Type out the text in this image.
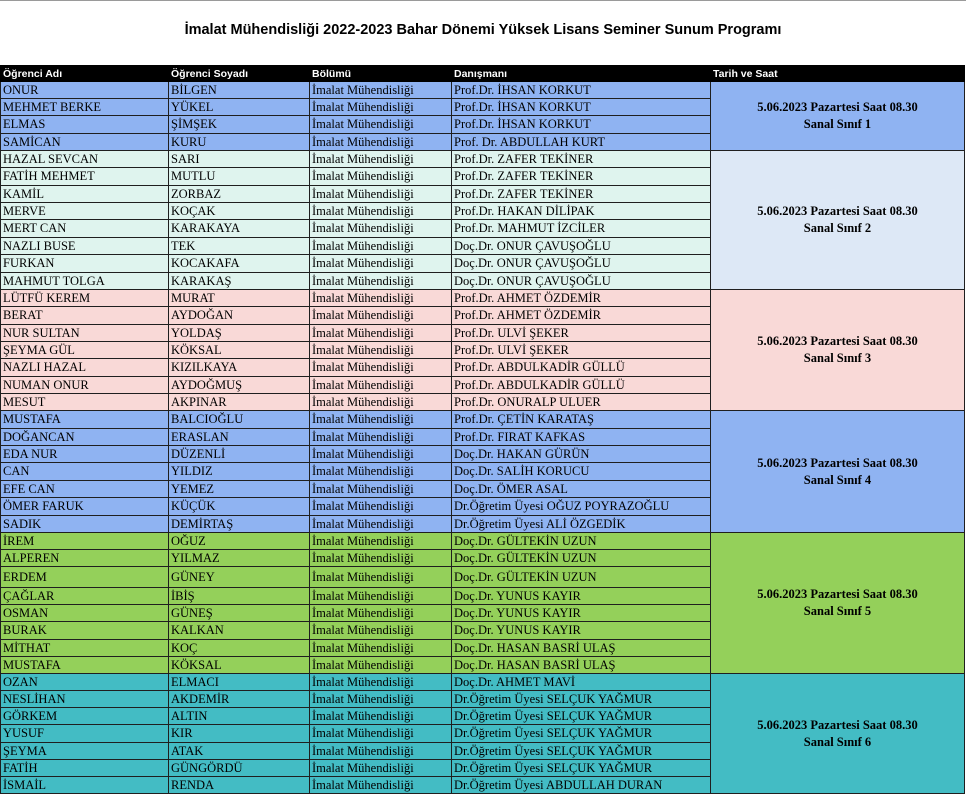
İmalat Mühendisliği 2022-2023 Bahar Dönemi Yüksek Lisans Seminer Sunum Programı
Öğrenci Adı	Öğrenci Soyadı	Bölümü	Danışmanı	Tarih ve Saat
ONUR	BİLGEN	İmalat Mühendisliği	Prof.Dr. İHSAN KORKUT	5.06.2023 Pazartesi Saat 08.30
Sanal Sınıf 1

MEHMET BERKE	YÜKEL	İmalat Mühendisliği	Prof.Dr. İHSAN KORKUT	
ELMAS	ŞİMŞEK	İmalat Mühendisliği	Prof.Dr. İHSAN KORKUT	
SAMİCAN	KURU	İmalat Mühendisliği	Prof. Dr. ABDULLAH KURT	
HAZAL SEVCAN	SARI	İmalat Mühendisliği	Prof.Dr. ZAFER TEKİNER	5.06.2023 Pazartesi Saat 08.30
Sanal Sınıf 2

FATİH MEHMET	MUTLU	İmalat Mühendisliği	Prof.Dr. ZAFER TEKİNER	
KAMİL	ZORBAZ	İmalat Mühendisliği	Prof.Dr. ZAFER TEKİNER	
MERVE	KOÇAK	İmalat Mühendisliği	Prof.Dr. HAKAN DİLİPAK	
MERT CAN	KARAKAYA	İmalat Mühendisliği	Prof.Dr. MAHMUT İZCİLER	
NAZLI BUSE	TEK	İmalat Mühendisliği	Doç.Dr. ONUR ÇAVUŞOĞLU	
FURKAN	KOCAKAFA	İmalat Mühendisliği	Doç.Dr. ONUR ÇAVUŞOĞLU	
MAHMUT TOLGA	KARAKAŞ	İmalat Mühendisliği	Doç.Dr. ONUR ÇAVUŞOĞLU	
LÜTFÜ KEREM	MURAT	İmalat Mühendisliği	Prof.Dr. AHMET ÖZDEMİR	5.06.2023 Pazartesi Saat 08.30
Sanal Sınıf 3

BERAT	AYDOĞAN	İmalat Mühendisliği	Prof.Dr. AHMET ÖZDEMİR	
NUR SULTAN	YOLDAŞ	İmalat Mühendisliği	Prof.Dr. ULVİ ŞEKER	
ŞEYMA GÜL	KÖKSAL	İmalat Mühendisliği	Prof.Dr. ULVİ ŞEKER	
NAZLI HAZAL	KIZILKAYA	İmalat Mühendisliği	Prof.Dr. ABDULKADİR GÜLLÜ	
NUMAN ONUR	AYDOĞMUŞ	İmalat Mühendisliği	Prof.Dr. ABDULKADİR GÜLLÜ	
MESUT	AKPINAR	İmalat Mühendisliği	Prof.Dr. ONURALP ULUER	
MUSTAFA	BALCIOĞLU	İmalat Mühendisliği	Prof.Dr. ÇETİN KARATAŞ	5.06.2023 Pazartesi Saat 08.30
Sanal Sınıf 4

DOĞANCAN	ERASLAN	İmalat Mühendisliği	Prof.Dr. FIRAT KAFKAS	
EDA NUR	DÜZENLİ	İmalat Mühendisliği	Doç.Dr. HAKAN GÜRÜN	
CAN	YILDIZ	İmalat Mühendisliği	Doç.Dr. SALİH KORUCU	
EFE CAN	YEMEZ	İmalat Mühendisliği	Doç.Dr. ÖMER ASAL	
ÖMER FARUK	KÜÇÜK	İmalat Mühendisliği	Dr.Öğretim Üyesi OĞUZ POYRAZOĞLU	
SADIK	DEMİRTAŞ	İmalat Mühendisliği	Dr.Öğretim Üyesi ALİ ÖZGEDİK	
İREM	OĞUZ	İmalat Mühendisliği	Doç.Dr. GÜLTEKİN UZUN	5.06.2023 Pazartesi Saat 08.30
Sanal Sınıf 5

ALPEREN	YILMAZ	İmalat Mühendisliği	Doç.Dr. GÜLTEKİN UZUN	
ERDEM	GÜNEY	İmalat Mühendisliği	Doç.Dr. GÜLTEKİN UZUN	
ÇAĞLAR	İBİŞ	İmalat Mühendisliği	Doç.Dr. YUNUS KAYIR	
OSMAN	GÜNEŞ	İmalat Mühendisliği	Doç.Dr. YUNUS KAYIR	
BURAK	KALKAN	İmalat Mühendisliği	Doç.Dr. YUNUS KAYIR	
MİTHAT	KOÇ	İmalat Mühendisliği	Doç.Dr. HASAN BASRİ ULAŞ	
MUSTAFA	KÖKSAL	İmalat Mühendisliği	Doç.Dr. HASAN BASRİ ULAŞ	
OZAN	ELMACI	İmalat Mühendisliği	Doç.Dr. AHMET MAVİ	5.06.2023 Pazartesi Saat 08.30
Sanal Sınıf 6

NESLİHAN	AKDEMİR	İmalat Mühendisliği	Dr.Öğretim Üyesi SELÇUK YAĞMUR	
GÖRKEM	ALTIN	İmalat Mühendisliği	Dr.Öğretim Üyesi SELÇUK YAĞMUR	
YUSUF	KIR	İmalat Mühendisliği	Dr.Öğretim Üyesi SELÇUK YAĞMUR	
ŞEYMA	ATAK	İmalat Mühendisliği	Dr.Öğretim Üyesi SELÇUK YAĞMUR	
FATİH	GÜNGÖRDÜ	İmalat Mühendisliği	Dr.Öğretim Üyesi SELÇUK YAĞMUR	
İSMAİL	RENDA	İmalat Mühendisliği	Dr.Öğretim Üyesi ABDULLAH DURAN	
